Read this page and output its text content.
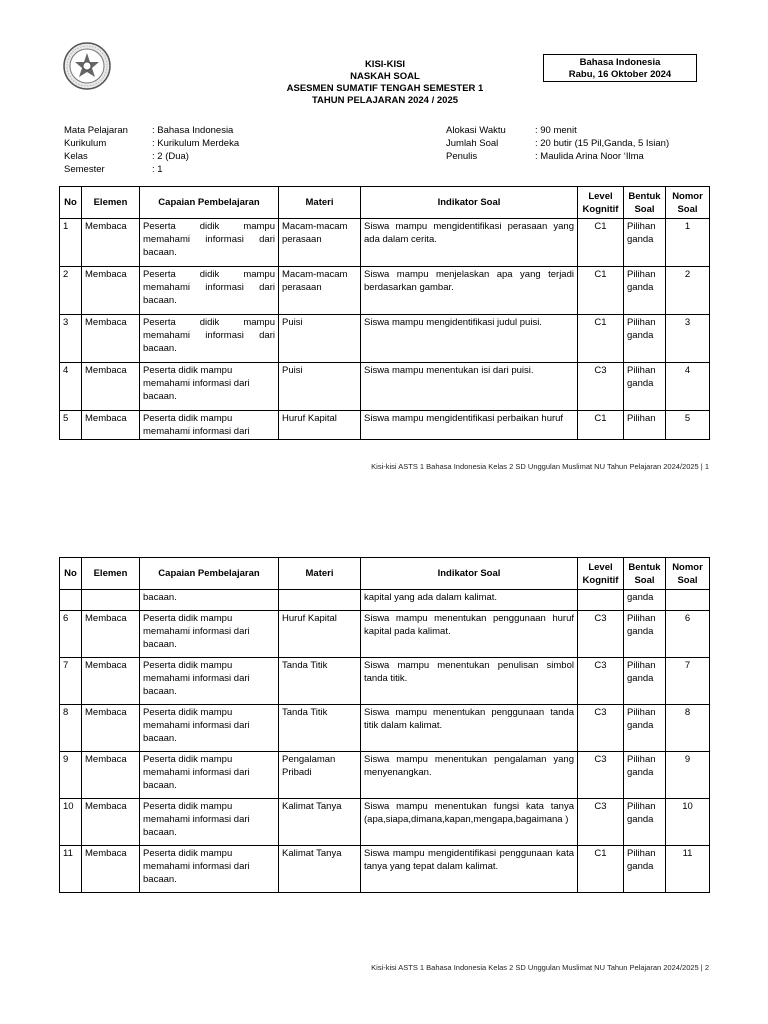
KISI-KISI
NASKAH SOAL
ASESMEN SUMATIF TENGAH SEMESTER 1
TAHUN PELAJARAN 2024 / 2025
Bahasa Indonesia
Rabu, 16 Oktober 2024
Mata Pelajaran	: Bahasa Indonesia
Kurikulum	: Kurikulum Merdeka
Kelas	: 2 (Dua)
Semester	: 1
Alokasi Waktu	: 90 menit
Jumlah Soal	: 20 butir (15 Pil,Ganda, 5 Isian)
Penulis	: Maulida Arina Noor ‘Ilma
No	Elemen	Capaian Pembelajaran	Materi	Indikator Soal	Level Kognitif	Bentuk Soal	Nomor Soal
1	Membaca	Peserta didik mampu memahami informasi dari bacaan.	Macam-macam perasaan	Siswa mampu mengidentifikasi perasaan yang ada dalam cerita.	C1	Pilihan ganda	1
2	Membaca	Peserta didik mampu memahami informasi dari bacaan.	Macam-macam perasaan	Siswa mampu menjelaskan apa yang terjadi berdasarkan gambar.	C1	Pilihan ganda	2
3	Membaca	Peserta didik mampu memahami informasi dari bacaan.	Puisi	Siswa mampu mengidentifikasi judul puisi.	C1	Pilihan ganda	3
4	Membaca	Peserta didik mampu memahami informasi dari bacaan.	Puisi	Siswa mampu menentukan isi dari puisi.	C3	Pilihan ganda	4
5	Membaca	Peserta didik mampu memahami informasi dari	Huruf Kapital	Siswa mampu mengidentifikasi perbaikan huruf	C1	Pilihan	5
Kisi-kisi ASTS 1 Bahasa Indonesia Kelas 2 SD Unggulan Muslimat NU Tahun Pelajaran 2024/2025 | 1
No	Elemen	Capaian Pembelajaran	Materi	Indikator Soal	Level Kognitif	Bentuk Soal	Nomor Soal
		bacaan.		kapital yang ada dalam kalimat.		ganda	
6	Membaca	Peserta didik mampu memahami informasi dari bacaan.	Huruf Kapital	Siswa mampu menentukan penggunaan huruf kapital pada kalimat.	C3	Pilihan ganda	6
7	Membaca	Peserta didik mampu memahami informasi dari bacaan.	Tanda Titik	Siswa mampu menentukan penulisan simbol tanda titik.	C3	Pilihan ganda	7
8	Membaca	Peserta didik mampu memahami informasi dari bacaan.	Tanda Titik	Siswa mampu menentukan penggunaan tanda titik dalam kalimat.	C3	Pilihan ganda	8
9	Membaca	Peserta didik mampu memahami informasi dari bacaan.	Pengalaman Pribadi	Siswa mampu menentukan pengalaman yang menyenangkan.	C3	Pilihan ganda	9
10	Membaca	Peserta didik mampu memahami informasi dari bacaan.	Kalimat Tanya	Siswa mampu menentukan fungsi kata tanya (apa,siapa,dimana,kapan,mengapa,bagaimana )	C3	Pilihan ganda	10
11	Membaca	Peserta didik mampu memahami informasi dari bacaan.	Kalimat Tanya	Siswa mampu mengidentifikasi penggunaan kata tanya yang tepat dalam kalimat.	C1	Pilihan ganda	11
Kisi-kisi ASTS 1 Bahasa Indonesia Kelas 2 SD Unggulan Muslimat NU Tahun Pelajaran 2024/2025 | 2
